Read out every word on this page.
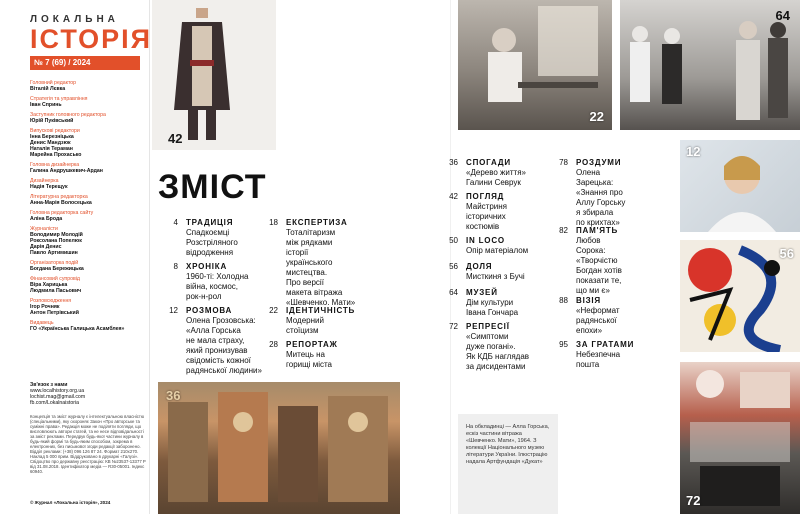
ЛОКАЛЬНА
ІСТОРІЯ
№ 7 (69) / 2024
Головний редактор
Віталій Лєвка
Стратегія та управління
Іван Спринь
Заступник головного редактора
Юрій Пуківський
Випускові редактори
Інна Березніцька
Денис Мандзюк
Наталія Тераман
Марейна Прохасько
Головна дизайнерка
Галина Андрушкевич-Ардан
Дизайнерка
Надія Терещук
Літературна редакторка
Анна-Марія Волосецька
Головна редакторка сайту
Аліна Брода
Журналісти
Володимир Молодій
Роксолана Попелюк
Дарія Денис
Павло Артимишин
Організаторка подій
Богдана Бережицька
Фінансовий супровід
Віра Харицька
Людмила Пасьович
Розповсюдження
Ігор Рочняк
Антон Петрівський
Видавець
ГО «Українська Галицька Асамблея»
Зв'язок з нами
www.localhistory.org.ua
lochist.mag@gmail.com
fb.com/Lokalnaistoria
Концепція та зміст журналу є інтелектуальною власністю (спеціальними), яку охороняє Закон «Про авторське та суміжні права». Редакція може не поділяти погляди, що висловлюють автори статей, та не несе відповідальності за зміст реклами. Передрук будь-якої частини журналу в будь-який формі та будь-яким способом, зокрема в електронних, без письмової згоди редакції заборонено. Відділ реклами: (+38) 096 126 87 24. Формат 210x270. Наклад 5 000 прим. Віддруковано в друкарні «Галузі». Свідоцтво про державну реєстрацію: КВ №23537-13377 Р від 31.08.2018. Ідентифікатор медіа — R30-05001. Індекс 60940.
© Журнал «Локальна історія», 2024
42
22
64
12
56
72
36
ЗМІСТ
4 ТРАДИЦІЯ
Спадкоємці
Розстріляного
відродження
8 ХРОНІКА
1960-ті: Холодна
війна, космос,
рок-н-рол
12 РОЗМОВА
Олена Грозовська:
«Алла Горська
не мала страху,
який пронизував
свідомість кожної
радянської людини»
18 ЕКСПЕРТИЗА
Тоталітаризм
між рядками
історії
українського
мистецтва.
Про версії
макета вітража
«Шевченко. Мати»
22 ІДЕНТИЧНІСТЬ
Модерний
стоїцизм
28 РЕПОРТАЖ
Митець на
горищі міста
36 СПОГАДИ
«Дерево життя»
Галини Севрук
42 ПОГЛЯД
Майстриня
історичних
костюмів
50 IN LOCO
Опір матеріалом
56 ДОЛЯ
Мисткиня з Бучі
64 МУЗЕЙ
Дім культури
Івана Гончара
72 РЕПРЕСІЇ
«Симптоми
дуже погані».
Як КДБ наглядав
за дисидентами
78 РОЗДУМИ
Олена
Зарецька:
«Знання про
Аллу Горську
я збирала
по крихтах»
82 ПАМ'ЯТЬ
Любов
Сорока:
«Творчістю
Богдан хотів
показати те,
що ми є»
88 ВІЗІЯ
«Неформат
радянської
епохи»
95 ЗА ГРАТАМИ
Небезпечна
пошта
На обкладинці — Алла Горська, ескіз частини вітража «Шевченко. Мати», 1964. З колекції Національного музею літератури України. Ілюстрацію надала Артфундація «Дукат»
